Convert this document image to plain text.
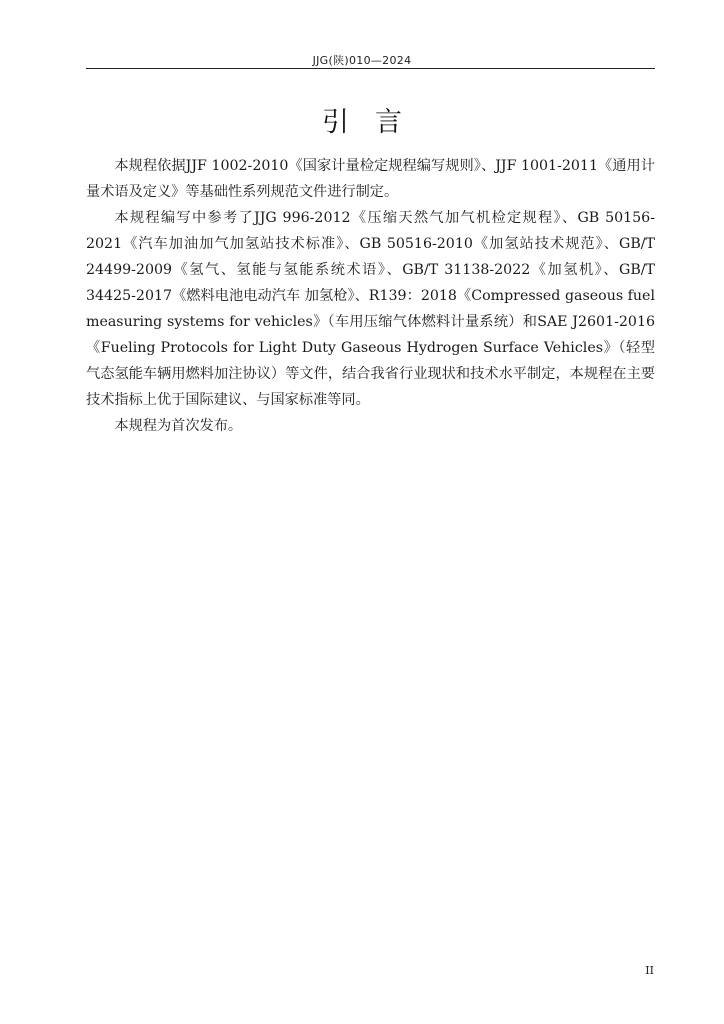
JJG(陕)010—2024
引言

本规程依据JJF 1002-2010《国家计量检定规程编写规则》、JJF 1001-2011《通用计量术语及定义》等基础性系列规范文件进行制定。

本规程编写中参考了JJG 996-2012《压缩天然气加气机检定规程》、GB 50156-2021《汽车加油加气加氢站技术标准》、GB 50516-2010《加氢站技术规范》、GB/T 24499-2009《氢气、氢能与氢能系统术语》、GB/T 31138-2022《加氢机》、GB/T 34425-2017《燃料电池电动汽车 加氢枪》、R139：2018《Compressed gaseous fuel measuring systems for vehicles》（车用压缩气体燃料计量系统）和SAE J2601-2016《Fueling Protocols for Light Duty Gaseous Hydrogen Surface Vehicles》（轻型气态氢能车辆用燃料加注协议）等文件，结合我省行业现状和技术水平制定，本规程在主要技术指标上优于国际建议、与国家标准等同。

本规程为首次发布。

II
